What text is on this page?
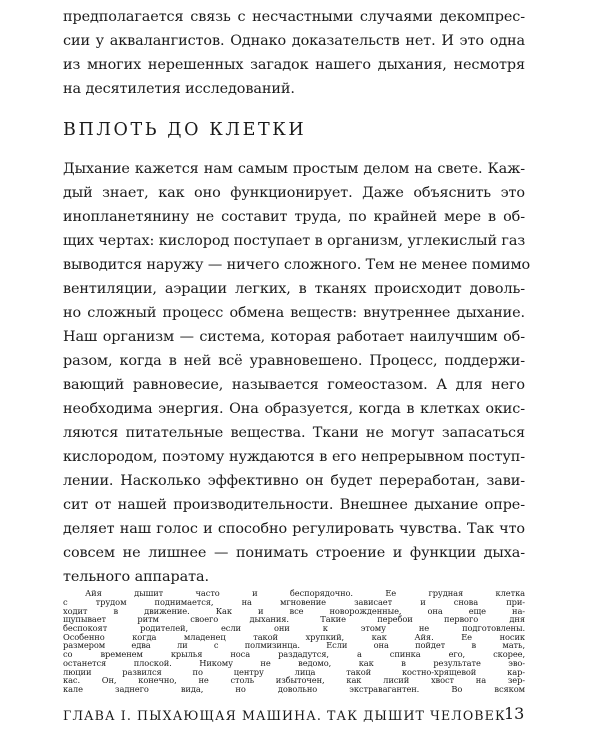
предполагается связь с несчастными случаями декомпрес-
сии у аквалангистов. Однако доказательств нет. И это одна
из многих нерешенных загадок нашего дыхания, несмотря
на десятилетия исследований.
ВПЛОТЬ ДО КЛЕТКИ
Дыхание кажется нам самым простым делом на свете. Каж-
дый знает, как оно функционирует. Даже объяснить это
инопланетянину не составит труда, по крайней мере в об-
щих чертах: кислород поступает в организм, углекислый газ
выводится наружу — ничего сложного. Тем не менее помимо
вентиляции, аэрации легких, в тканях происходит доволь-
но сложный процесс обмена веществ: внутреннее дыхание.
Наш организм — система, которая работает наилучшим об-
разом, когда в ней всё уравновешено. Процесс, поддержи-
вающий равновесие, называется гомеостазом. А для него
необходима энергия. Она образуется, когда в клетках окис-
ляются питательные вещества. Ткани не могут запасаться
кислородом, поэтому нуждаются в его непрерывном поступ-
лении. Насколько эффективно он будет переработан, зави-
сит от нашей производительности. Внешнее дыхание опре-
деляет наш голос и способно регулировать чувства. Так что
совсем не лишнее — понимать строение и функции дыха-
тельного аппарата.
ГЛАВА I. ПЫХАЮЩАЯ МАШИНА. ТАК ДЫШИТ ЧЕЛОВЕК
13
Айя дышит часто и беспорядочно. Ее грудная клетка
с трудом поднимается, на мгновение зависает и снова при-
ходит в движение. Как и все новорожденные, она еще на-
щупывает ритм своего дыхания. Такие перебои первого дня
беспокоят родителей, если они к этому не подготовлены.
Особенно когда младенец такой хрупкий, как Айя. Ее носик
размером едва ли с полмизинца. Если она пойдет в мать,
со временем крылья носа раздадутся, а спинка его, скорее,
останется плоской. Никому не ведомо, как в результате эво-
люции развился по центру лица такой костно-хрящевой кар-
кас. Он, конечно, не столь избыточен, как лисий хвост на зер-
кале заднего вида, но довольно экстравагантен. Во всяком
